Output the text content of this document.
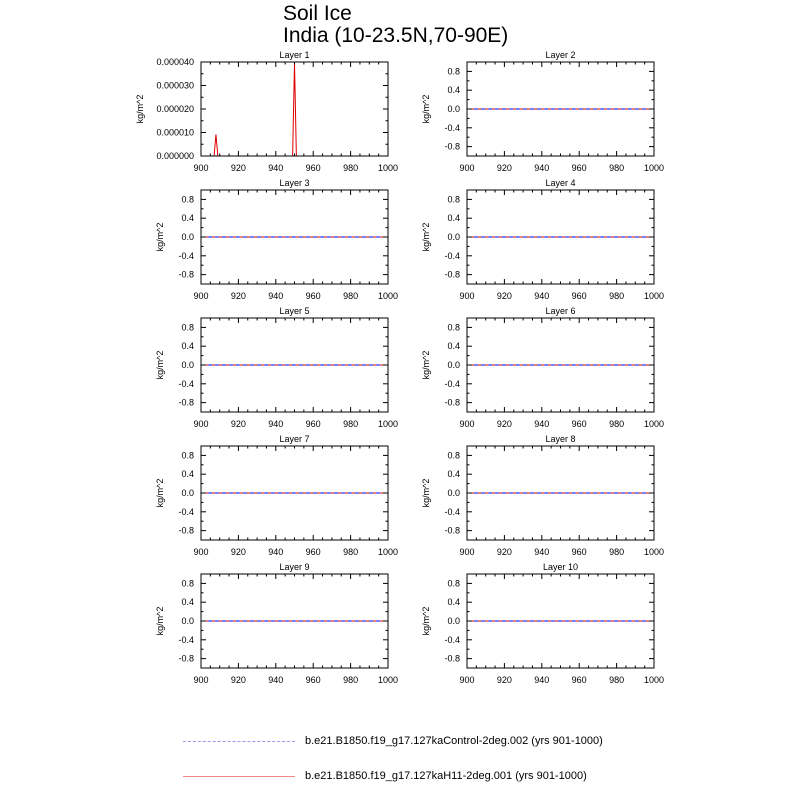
Soil Ice
India (10-23.5N,70-90E)
Layer 1
kg/m^2
900 920 940 960 980 1000
0.000000
0.000010
0.000020
0.000030
0.000040
Layer 2
kg/m^2
900 920 940 960 980 1000
-0.8
-0.4
0.0
0.4
0.8
Layer 3
kg/m^2
900 920 940 960 980 1000
-0.8
-0.4
0.0
0.4
0.8
Layer 4
kg/m^2
900 920 940 960 980 1000
-0.8
-0.4
0.0
0.4
0.8
Layer 5
kg/m^2
900 920 940 960 980 1000
-0.8
-0.4
0.0
0.4
0.8
Layer 6
kg/m^2
900 920 940 960 980 1000
-0.8
-0.4
0.0
0.4
0.8
Layer 7
kg/m^2
900 920 940 960 980 1000
-0.8
-0.4
0.0
0.4
0.8
Layer 8
kg/m^2
900 920 940 960 980 1000
-0.8
-0.4
0.0
0.4
0.8
Layer 9
kg/m^2
900 920 940 960 980 1000
-0.8
-0.4
0.0
0.4
0.8
Layer 10
kg/m^2
900 920 940 960 980 1000
-0.8
-0.4
0.0
0.4
0.8
b.e21.B1850.f19_g17.127kaControl-2deg.002 (yrs 901-1000)
b.e21.B1850.f19_g17.127kaH11-2deg.001 (yrs 901-1000)
